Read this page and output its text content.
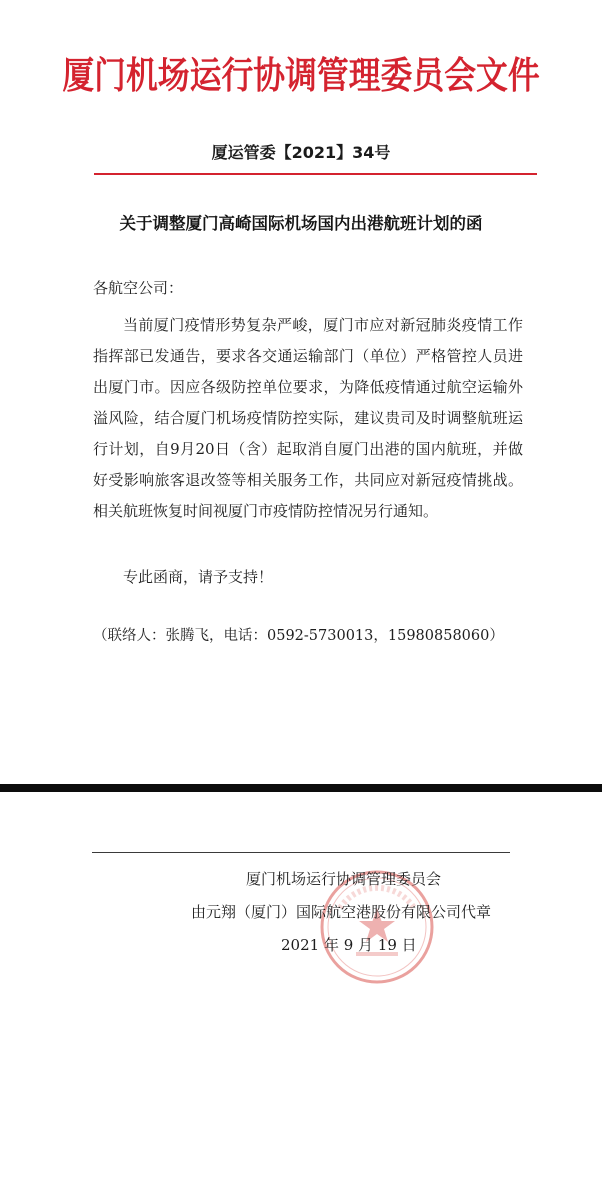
厦门机场运行协调管理委员会文件
厦运管委【2021】34号
关于调整厦门高崎国际机场国内出港航班计划的函
各航空公司：

当前厦门疫情形势复杂严峻，厦门市应对新冠肺炎疫情工作指挥部已发通告，要求各交通运输部门（单位）严格管控人员进出厦门市。因应各级防控单位要求，为降低疫情通过航空运输外溢风险，结合厦门机场疫情防控实际，建议贵司及时调整航班运行计划，自9月20日（含）起取消自厦门出港的国内航班，并做好受影响旅客退改签等相关服务工作，共同应对新冠疫情挑战。相关航班恢复时间视厦门市疫情防控情况另行通知。

专此函商，请予支持！
（联络人：张腾飞，电话：0592-5730013，15980858060）
厦门机场运行协调管理委员会
由元翔（厦门）国际航空港股份有限公司代章
2021 年 9 月 19 日
